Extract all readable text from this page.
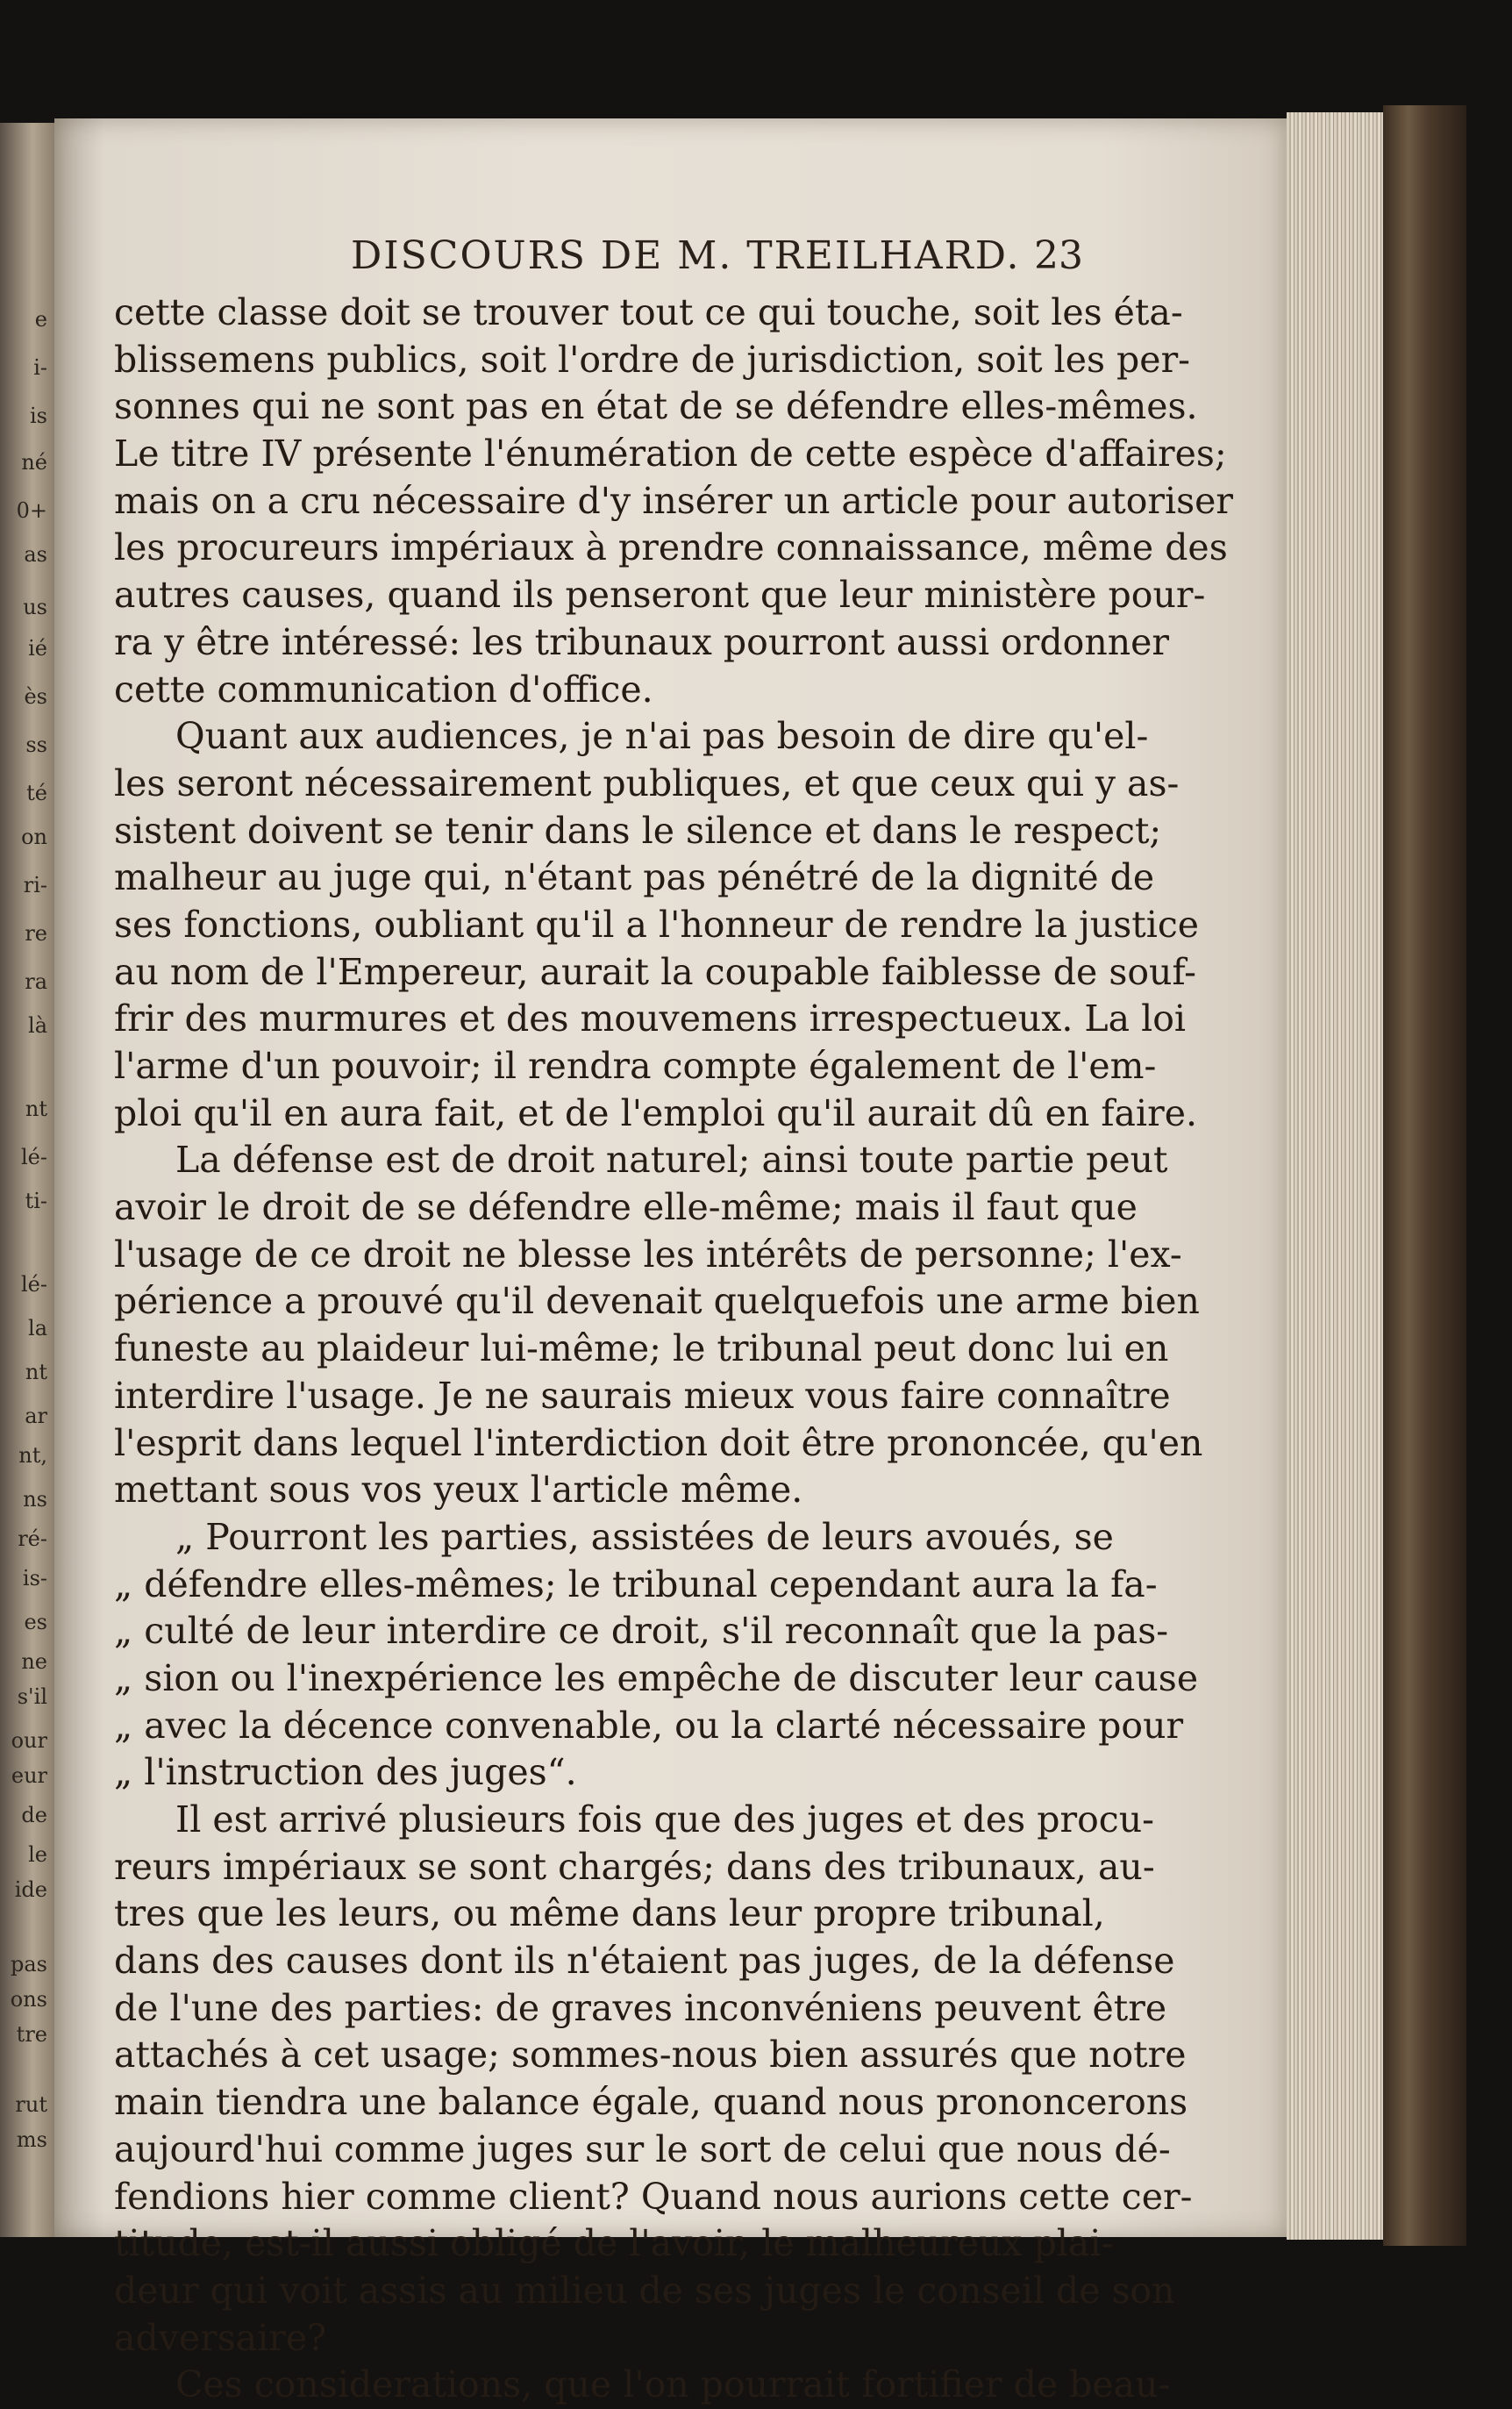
e
i-
is
né
0+
as
us
ié
ès
ss
té
on
ri-
re
ra
là
nt
lé-
ti-
lé-
la
nt
ar
nt,
ns
ré-
is-
es
ne
s'il
our
eur
de
le
ide
pas
ons
tre
rut
ms
DISCOURS DE M. TREILHARD. 23
cette classe doit se trouver tout ce qui touche, soit les éta-
blissemens publics, soit l'ordre de jurisdiction, soit les per-
sonnes qui ne sont pas en état de se défendre elles-mêmes.
Le titre IV présente l'énumération de cette espèce d'affaires;
mais on a cru nécessaire d'y insérer un article pour autoriser
les procureurs impériaux à prendre connaissance, même des
autres causes, quand ils penseront que leur ministère pour-
ra y être intéressé: les tribunaux pourront aussi ordonner
cette communication d'office.
Quant aux audiences, je n'ai pas besoin de dire qu'el-
les seront nécessairement publiques, et que ceux qui y as-
sistent doivent se tenir dans le silence et dans le respect;
malheur au juge qui, n'étant pas pénétré de la dignité de
ses fonctions, oubliant qu'il a l'honneur de rendre la justice
au nom de l'Empereur, aurait la coupable faiblesse de souf-
frir des murmures et des mouvemens irrespectueux. La loi
l'arme d'un pouvoir; il rendra compte également de l'em-
ploi qu'il en aura fait, et de l'emploi qu'il aurait dû en faire.
La défense est de droit naturel; ainsi toute partie peut
avoir le droit de se défendre elle-même; mais il faut que
l'usage de ce droit ne blesse les intérêts de personne; l'ex-
périence a prouvé qu'il devenait quelquefois une arme bien
funeste au plaideur lui-même; le tribunal peut donc lui en
interdire l'usage. Je ne saurais mieux vous faire connaître
l'esprit dans lequel l'interdiction doit être prononcée, qu'en
mettant sous vos yeux l'article même.
„ Pourront les parties, assistées de leurs avoués, se
„ défendre elles-mêmes; le tribunal cependant aura la fa-
„ culté de leur interdire ce droit, s'il reconnaît que la pas-
„ sion ou l'inexpérience les empêche de discuter leur cause
„ avec la décence convenable, ou la clarté nécessaire pour
„ l'instruction des juges“.
Il est arrivé plusieurs fois que des juges et des procu-
reurs impériaux se sont chargés; dans des tribunaux, au-
tres que les leurs, ou même dans leur propre tribunal,
dans des causes dont ils n'étaient pas juges, de la défense
de l'une des parties: de graves inconvéniens peuvent être
attachés à cet usage; sommes-nous bien assurés que notre
main tiendra une balance égale, quand nous prononcerons
aujourd'hui comme juges sur le sort de celui que nous dé-
fendions hier comme client? Quand nous aurions cette cer-
titude, est-il aussi obligé de l'avoir, le malheureux plai-
deur qui voit assis au milieu de ses juges le conseil de son
adversaire?
Ces considerations, que l'on pourrait fortifier de beau-
